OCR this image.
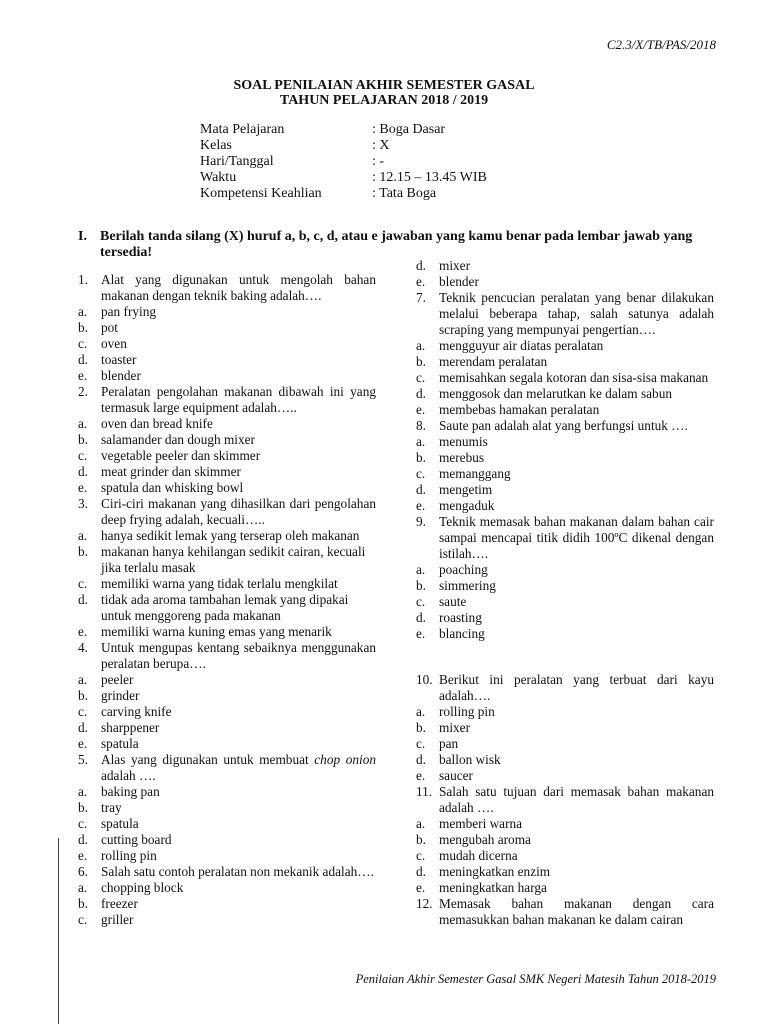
C2.3/X/TB/PAS/2018
SOAL PENILAIAN AKHIR SEMESTER GASAL
TAHUN PELAJARAN 2018 / 2019
Mata Pelajaran	: Boga Dasar
Kelas	: X
Hari/Tanggal	: -
Waktu	: 12.15 – 13.45 WIB
Kompetensi Keahlian	: Tata Boga
I. Berilah tanda silang (X) huruf a, b, c, d, atau e jawaban yang kamu benar pada lembar jawab yang tersedia!
1. Alat yang digunakan untuk mengolah bahan makanan dengan teknik baking adalah….
a.	pan frying
b. pot
c.	oven
d. toaster
e.	blender
2. Peralatan pengolahan makanan dibawah ini yang termasuk large equipment adalah…..
a.	oven dan bread knife
b. salamander dan dough mixer
c.	vegetable peeler dan skimmer
d. meat grinder dan skimmer
e.	spatula dan whisking bowl
3. Ciri-ciri makanan yang dihasilkan dari pengolahan deep frying adalah, kecuali…..
a.	hanya sedikit lemak yang terserap oleh makanan
b. makanan hanya kehilangan sedikit cairan, kecuali jika terlalu masak
c.	memiliki warna yang tidak terlalu mengkilat
d. tidak ada aroma tambahan lemak yang dipakai untuk menggoreng pada makanan
e.	memiliki warna kuning emas yang menarik
4. Untuk mengupas kentang sebaiknya menggunakan peralatan berupa….
a.	peeler
b. grinder
c.	carving knife
d. sharppener
e.	spatula
5. Alas yang digunakan untuk membuat chop onion adalah ….
a.	baking pan
b. tray
c.	spatula
d. cutting board
e.	rolling pin
6. Salah satu contoh peralatan non mekanik adalah….
a.	chopping block
b. freezer
c.	griller
d. mixer
e.	blender
7. Teknik pencucian peralatan yang benar dilakukan melalui beberapa tahap, salah satunya adalah scraping yang mempunyai pengertian….
a.	mengguyur air diatas peralatan
b. merendam peralatan
c.	memisahkan segala kotoran dan sisa-sisa makanan
d. menggosok dan melarutkan ke dalam sabun
e.	membebas hamakan peralatan
8. Saute pan adalah alat yang berfungsi untuk ….
a.	menumis
b. merebus
c.	memanggang
d. mengetim
e.	mengaduk
9. Teknik memasak bahan makanan dalam bahan cair sampai mencapai titik didih 100ºC dikenal dengan istilah….
a.	poaching
b. simmering
c.	saute
d. roasting
e.	blancing
10. Berikut ini peralatan yang terbuat dari kayu adalah….
a.	rolling pin
b. mixer
c.	pan
d. ballon wisk
e.	saucer
11. Salah satu tujuan dari memasak bahan makanan adalah ….
a.	memberi warna
b. mengubah aroma
c.	mudah dicerna
d. meningkatkan enzim
e.	meningkatkan harga
12. Memasak bahan makanan dengan cara memasukkan bahan makanan ke dalam cairan
Penilaian Akhir Semester Gasal SMK Negeri Matesih Tahun 2018-2019
